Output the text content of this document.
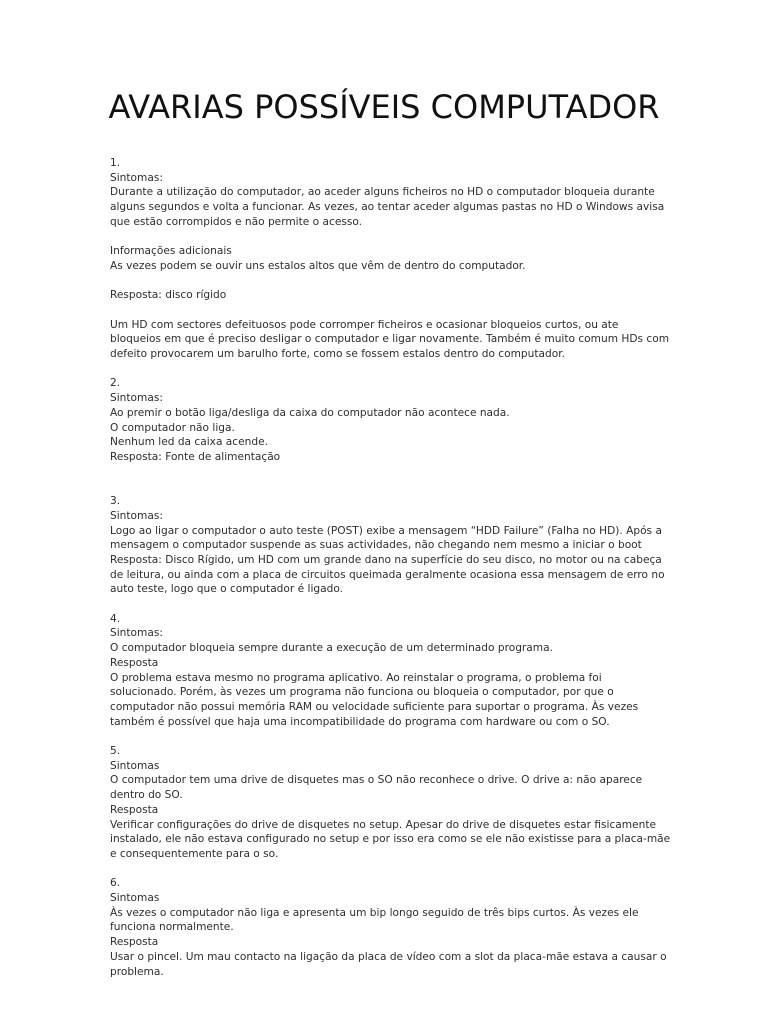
AVARIAS POSSÍVEIS COMPUTADOR
1.
Sintomas:
Durante a utilização do computador, ao aceder alguns ficheiros no HD o computador bloqueia durante
alguns segundos e volta a funcionar. As vezes, ao tentar aceder algumas pastas no HD o Windows avisa
que estão corrompidos e não permite o acesso.
Informações adicionais
As vezes podem se ouvir uns estalos altos que vêm de dentro do computador.
Resposta: disco rígido
Um HD com sectores defeituosos pode corromper ficheiros e ocasionar bloqueios curtos, ou ate
bloqueios em que é preciso desligar o computador e ligar novamente. Também é muito comum HDs com
defeito provocarem um barulho forte, como se fossem estalos dentro do computador.
2.
Sintomas:
Ao premir o botão liga/desliga da caixa do computador não acontece nada.
O computador não liga.
Nenhum led da caixa acende.
Resposta: Fonte de alimentação
3.
Sintomas:
Logo ao ligar o computador o auto teste (POST) exibe a mensagem “HDD Failure” (Falha no HD). Após a
mensagem o computador suspende as suas actividades, não chegando nem mesmo a iniciar o boot
Resposta: Disco Rígido, um HD com um grande dano na superfície do seu disco, no motor ou na cabeça
de leitura, ou ainda com a placa de circuitos queimada geralmente ocasiona essa mensagem de erro no
auto teste, logo que o computador é ligado.
4.
Sintomas:
O computador bloqueia sempre durante a execução de um determinado programa.
Resposta
O problema estava mesmo no programa aplicativo. Ao reinstalar o programa, o problema foi
solucionado. Porém, às vezes um programa não funciona ou bloqueia o computador, por que o
computador não possui memória RAM ou velocidade suficiente para suportar o programa. Às vezes
também é possível que haja uma incompatibilidade do programa com hardware ou com o SO.
5.
Sintomas
O computador tem uma drive de disquetes mas o SO não reconhece o drive. O drive a: não aparece
dentro do SO.
Resposta
Verificar configurações do drive de disquetes no setup. Apesar do drive de disquetes estar fisicamente
instalado, ele não estava configurado no setup e por isso era como se ele não existisse para a placa-mãe
e consequentemente para o so.
6.
Sintomas
Às vezes o computador não liga e apresenta um bip longo seguido de três bips curtos. Às vezes ele
funciona normalmente.
Resposta
Usar o pincel. Um mau contacto na ligação da placa de vídeo com a slot da placa-mãe estava a causar o
problema.
